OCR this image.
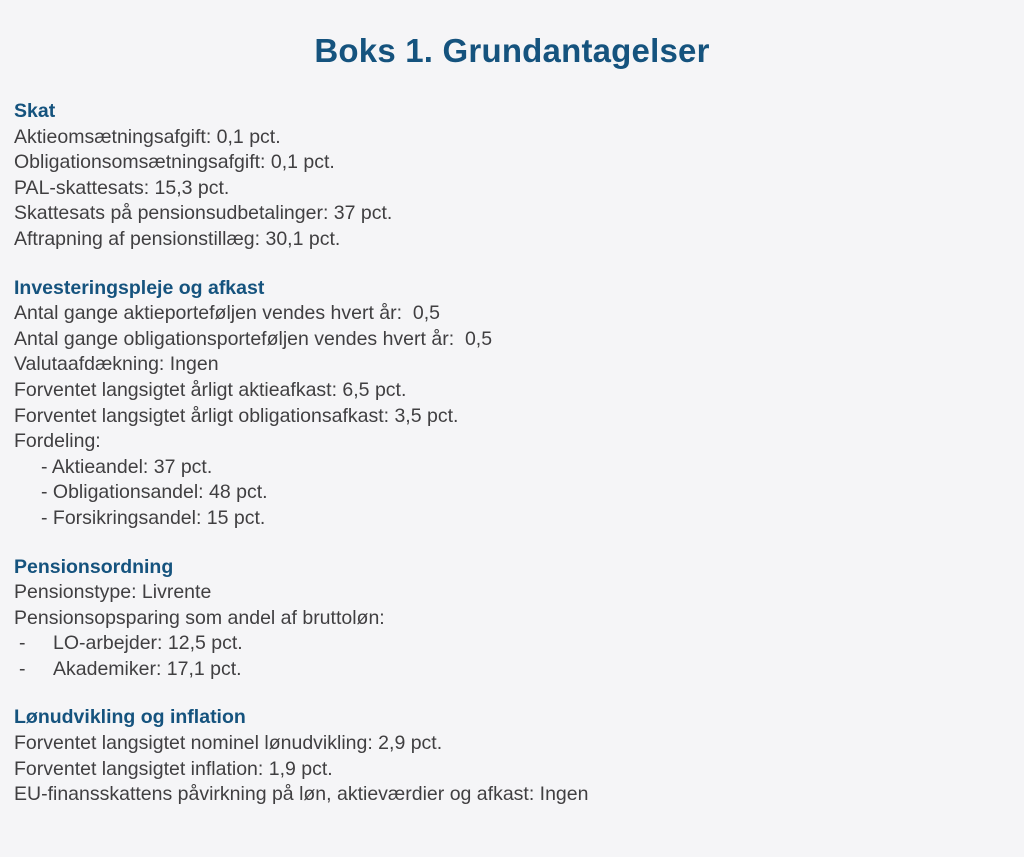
Boks 1. Grundantagelser
Skat
Aktieomsætningsafgift: 0,1 pct.
Obligationsomsætningsafgift: 0,1 pct.
PAL-skattesats: 15,3 pct.
Skattesats på pensionsudbetalinger: 37 pct.
Aftrapning af pensionstillæg: 30,1 pct.
Investeringspleje og afkast
Antal gange aktieporteføljen vendes hvert år:  0,5
Antal gange obligationsporteføljen vendes hvert år:  0,5
Valutaafdækning: Ingen
Forventet langsigtet årligt aktieafkast: 6,5 pct.
Forventet langsigtet årligt obligationsafkast: 3,5 pct.
Fordeling:
- Aktieandel: 37 pct.
- Obligationsandel: 48 pct.
- Forsikringsandel: 15 pct.
Pensionsordning
Pensionstype: Livrente
Pensionsopsparing som andel af bruttoløn:
-	LO-arbejder: 12,5 pct.
-	Akademiker: 17,1 pct.
Lønudvikling og inflation
Forventet langsigtet nominel lønudvikling: 2,9 pct.
Forventet langsigtet inflation: 1,9 pct.
EU-finansskattens påvirkning på løn, aktieværdier og afkast: Ingen
